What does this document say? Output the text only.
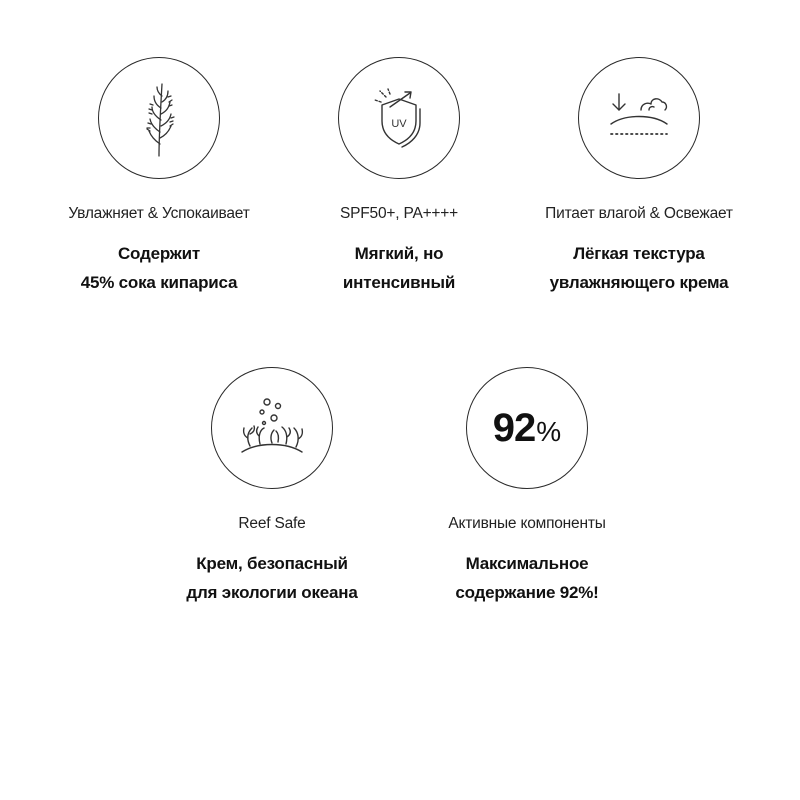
Увлажняет & Успокаивает
Содержит
45% сока кипариса
UV
SPF50+, PA++++
Мягкий, но
интенсивный
Питает влагой & Освежает
Лёгкая текстура
увлажняющего крема
Reef Safe
Крем, безопасный
для экологии океана
92 %
Активные компоненты
Максимальное
содержание 92%!
